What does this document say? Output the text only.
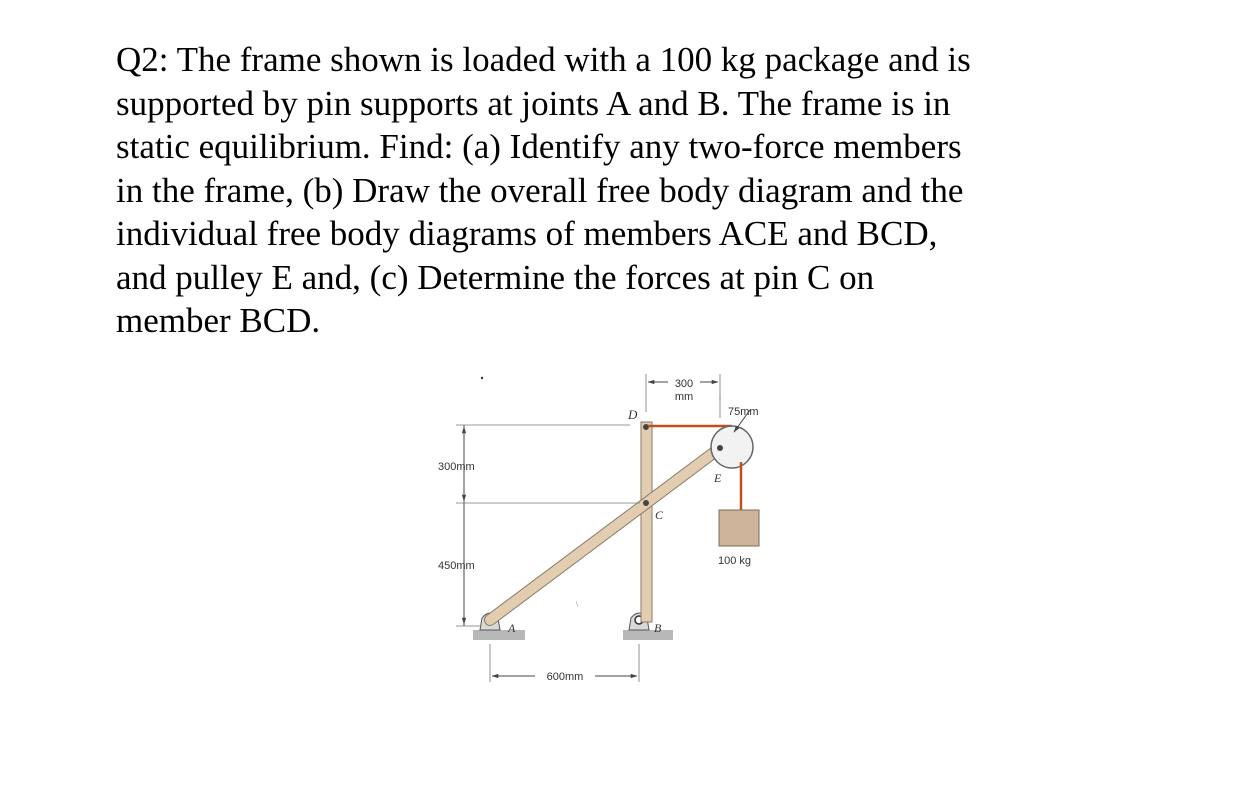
Q2: The frame shown is loaded with a 100 kg package and is
supported by pin supports at joints A and B. The frame is in
static equilibrium. Find: (a) Identify any two-force members
in the frame, (b) Draw the overall free body diagram and the
individual free body diagrams of members ACE and BCD,
and pulley E and, (c) Determine the forces at pin C on
member BCD.
300
mm
75mm
300mm
450mm
600mm
D
C
E
A	B
100 kg
